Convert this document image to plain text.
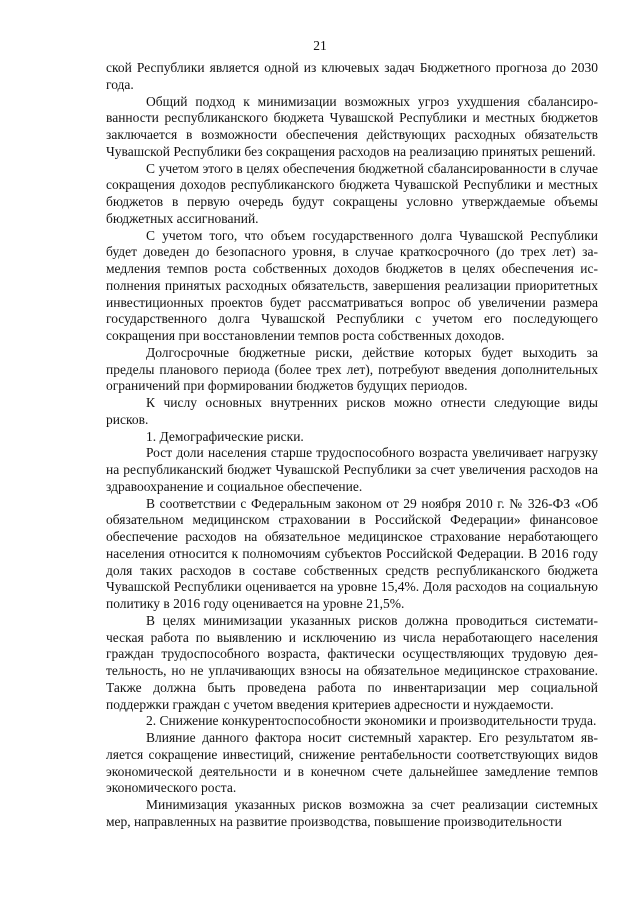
21

ской Республики является одной из ключевых задач Бюджетного прогноза до 2030 года.

Общий подход к минимизации возможных угроз ухудшения сбалансированности республиканского бюджета Чувашской Республики и местных бюджетов заключается в возможности обеспечения действующих расходных обязательств Чувашской Республики без сокращения расходов на реализацию принятых решений.

С учетом этого в целях обеспечения бюджетной сбалансированности в случае сокращения доходов республиканского бюджета Чувашской Республики и местных бюджетов в первую очередь будут сокращены условно утверждаемые объемы бюджетных ассигнований.

С учетом того, что объем государственного долга Чувашской Республики будет доведен до безопасного уровня, в случае краткосрочного (до трех лет) замедления темпов роста собственных доходов бюджетов в целях обеспечения исполнения принятых расходных обязательств, завершения реализации приоритетных инвестиционных проектов будет рассматриваться вопрос об увеличении размера государственного долга Чувашской Республики с учетом его последующего сокращения при восстановлении темпов роста собственных доходов.

Долгосрочные бюджетные риски, действие которых будет выходить за пределы планового периода (более трех лет), потребуют введения дополнительных ограничений при формировании бюджетов будущих периодов.

К числу основных внутренних рисков можно отнести следующие виды рисков.

1. Демографические риски.

Рост доли населения старше трудоспособного возраста увеличивает нагрузку на республиканский бюджет Чувашской Республики за счет увеличения расходов на здравоохранение и социальное обеспечение.

В соответствии с Федеральным законом от 29 ноября 2010 г. № 326-ФЗ «Об обязательном медицинском страховании в Российской Федерации» финансовое обеспечение расходов на обязательное медицинское страхование неработающего населения относится к полномочиям субъектов Российской Федерации. В 2016 году доля таких расходов в составе собственных средств республиканского бюджета Чувашской Республики оценивается на уровне 15,4%. Доля расходов на социальную политику в 2016 году оценивается на уровне 21,5%.

В целях минимизации указанных рисков должна проводиться систематическая работа по выявлению и исключению из числа неработающего населения граждан трудоспособного возраста, фактически осуществляющих трудовую деятельность, но не уплачивающих взносы на обязательное медицинское страхование. Также должна быть проведена работа по инвентаризации мер социальной поддержки граждан с учетом введения критериев адресности и нуждаемости.

2. Снижение конкурентоспособности экономики и производительности труда.

Влияние данного фактора носит системный характер. Его результатом является сокращение инвестиций, снижение рентабельности соответствующих видов экономической деятельности и в конечном счете дальнейшее замедление темпов экономического роста.

Минимизация указанных рисков возможна за счет реализации системных мер, направленных на развитие производства, повышение производительности
